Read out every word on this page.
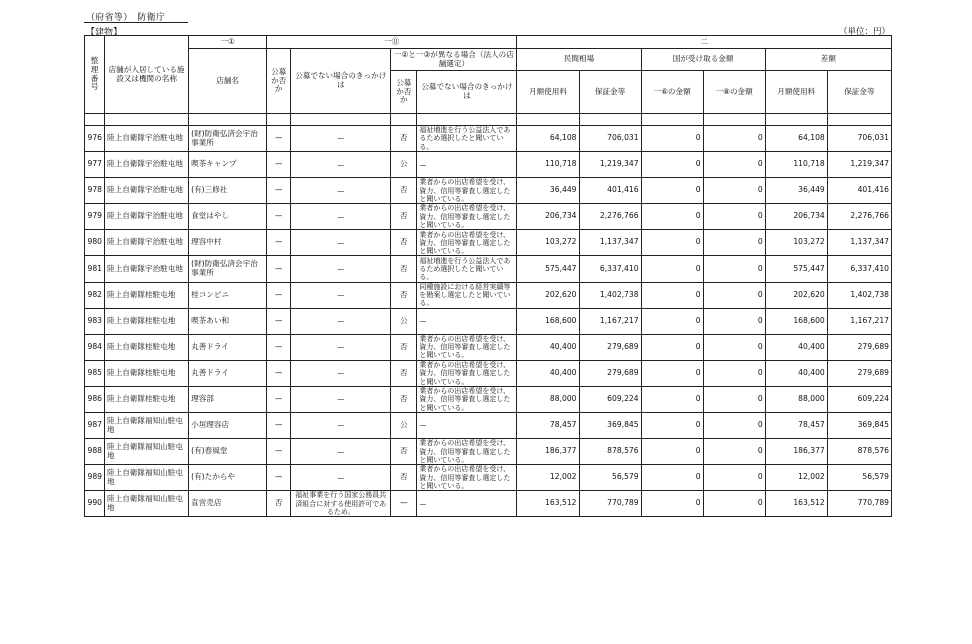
（府省等）　防衛庁
【建物】	（単位：円）
整理番号	店舗が入居している施設又は機関の名称	一①	一⑪				二					
		店舗名	公募か否か	公募でない場合のきっかけは	一②と一③が異なる場合（法人の店舗選定）		民間相場		国が受け取る金額		差額	
					公募か否か	公募でない場合のきっかけは	月額使用料	保証金等	一⑥の金額	一⑧の金額	月額使用料	保証金等

976	陸上自衛隊宇治駐屯地	(財)防衛弘済会宇治事業所	—	—	否	福祉増進を行う公益法人であるため選択したと聞いている。	64,108	706,031	0	0	64,108	706,031
977	陸上自衛隊宇治駐屯地	喫茶キャンプ	—	—	公	—	110,718	1,219,347	0	0	110,718	1,219,347
978	陸上自衛隊宇治駐屯地	(有)三修社	—	—	否	業者からの出店希望を受け、資力、信用等審査し選定したと聞いている。	36,449	401,416	0	0	36,449	401,416
979	陸上自衛隊宇治駐屯地	食堂はやし	—	—	否	業者からの出店希望を受け、資力、信用等審査し選定したと聞いている。	206,734	2,276,766	0	0	206,734	2,276,766
980	陸上自衛隊宇治駐屯地	理容中村	—	—	否	業者からの出店希望を受け、資力、信用等審査し選定したと聞いている。	103,272	1,137,347	0	0	103,272	1,137,347
981	陸上自衛隊宇治駐屯地	(財)防衛弘済会宇治事業所	—	—	否	福祉増進を行う公益法人であるため選択したと聞いている。	575,447	6,337,410	0	0	575,447	6,337,410
982	陸上自衛隊桂駐屯地	桂コンビニ	—	—	否	同種施設における経営実績等を勘案し選定したと聞いている。	202,620	1,402,738	0	0	202,620	1,402,738
983	陸上自衛隊桂駐屯地	喫茶あい和	—	—	公	—	168,600	1,167,217	0	0	168,600	1,167,217
984	陸上自衛隊桂駐屯地	丸善ドライ	—	—	否	業者からの出店希望を受け、資力、信用等審査し選定したと聞いている。	40,400	279,689	0	0	40,400	279,689
985	陸上自衛隊桂駐屯地	丸善ドライ	—	—	否	業者からの出店希望を受け、資力、信用等審査し選定したと聞いている。	40,400	279,689	0	0	40,400	279,689
986	陸上自衛隊桂駐屯地	理容部	—	—	否	業者からの出店希望を受け、資力、信用等審査し選定したと聞いている。	88,000	609,224	0	0	88,000	609,224
987	陸上自衛隊福知山駐屯地	小垣理容店	—	—	公	—	78,457	369,845	0	0	78,457	369,845
988	陸上自衛隊福知山駐屯地	(有)春風堂	—	—	否	業者からの出店希望を受け、資力、信用等審査し選定したと聞いている。	186,377	878,576	0	0	186,377	878,576
989	陸上自衛隊福知山駐屯地	(有)たからや	—	—	否	業者からの出店希望を受け、資力、信用等審査し選定したと聞いている。	12,002	56,579	0	0	12,002	56,579
990	陸上自衛隊福知山駐屯地	直営売店	否	福祉事業を行う国家公務員共済組合に対する使用許可であるため。	—	—	163,512	770,789	0	0	163,512	770,789
